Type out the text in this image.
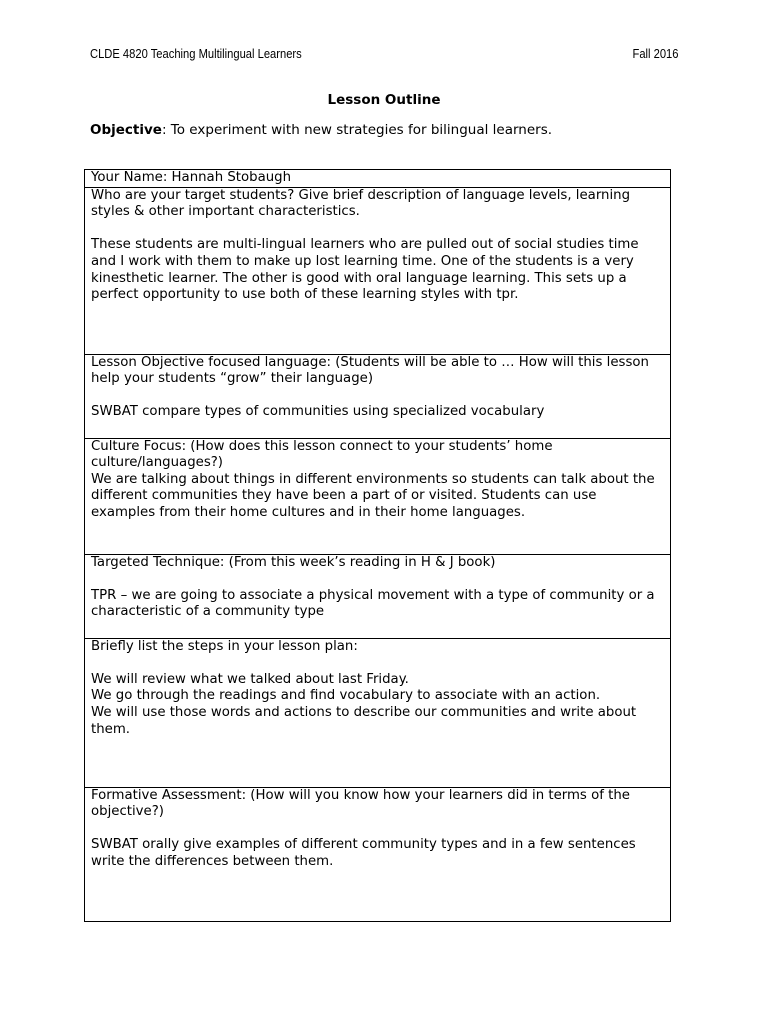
CLDE 4820 Teaching Multilingual Learners	Fall 2016
Lesson Outline
Objective: To experiment with new strategies for bilingual learners.

Your Name: Hannah Stobaugh

Who are your target students? Give brief description of language levels, learning styles & other important characteristics.

These students are multi-lingual learners who are pulled out of social studies time and I work with them to make up lost learning time. One of the students is a very kinesthetic learner. The other is good with oral language learning. This sets up a perfect opportunity to use both of these learning styles with tpr.

Lesson Objective focused language: (Students will be able to … How will this lesson help your students “grow” their language)

SWBAT compare types of communities using specialized vocabulary

Culture Focus: (How does this lesson connect to your students’ home culture/languages?)

We are talking about things in different environments so students can talk about the different communities they have been a part of or visited. Students can use examples from their home cultures and in their home languages.

Targeted Technique: (From this week’s reading in H & J book)

TPR – we are going to associate a physical movement with a type of community or a characteristic of a community type

Briefly list the steps in your lesson plan:

We will review what we talked about last Friday.

We go through the readings and find vocabulary to associate with an action.

We will use those words and actions to describe our communities and write about them.

Formative Assessment: (How will you know how your learners did in terms of the objective?)

SWBAT orally give examples of different community types and in a few sentences write the differences between them.
